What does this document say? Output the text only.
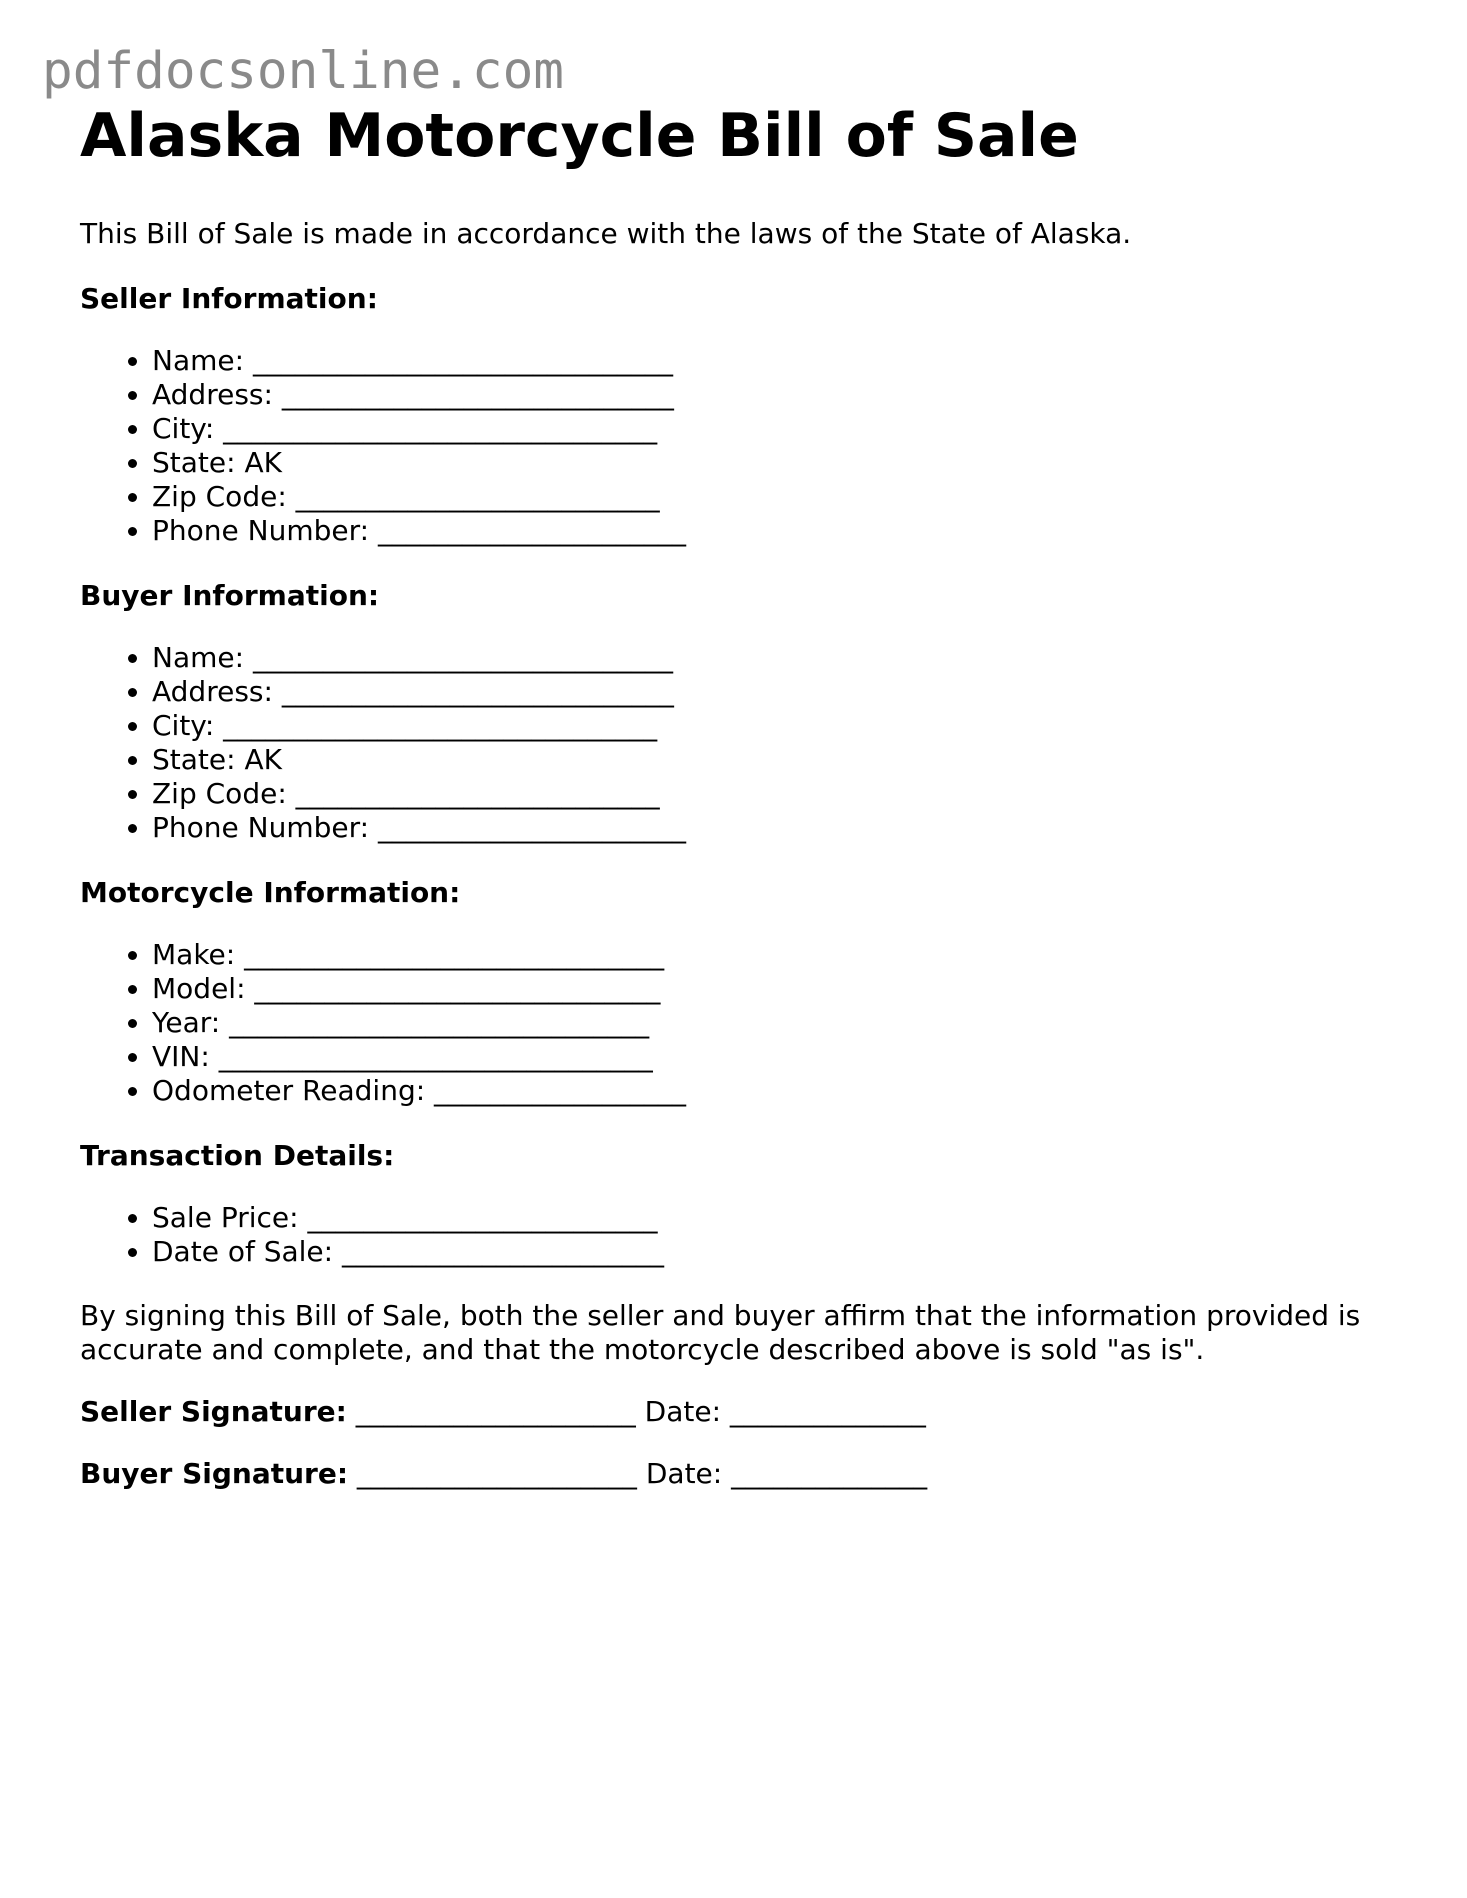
pdfdocsonline.com
Alaska Motorcycle Bill of Sale

This Bill of Sale is made in accordance with the laws of the State of Alaska.

Seller Information:
• Name: ______________________________
• Address: ____________________________
• City: _______________________________
• State: AK
• Zip Code: __________________________
• Phone Number: ______________________
Buyer Information:
• Name: ______________________________
• Address: ____________________________
• City: _______________________________
• State: AK
• Zip Code: __________________________
• Phone Number: ______________________
Motorcycle Information:
• Make: ______________________________
• Model: _____________________________
• Year: ______________________________
• VIN: _______________________________
• Odometer Reading: __________________
Transaction Details:
• Sale Price: _________________________
• Date of Sale: _______________________

By signing this Bill of Sale, both the seller and buyer affirm that the information provided is accurate and complete, and that the motorcycle described above is sold "as is".

Seller Signature: ____________________ Date: ______________
Buyer Signature: ____________________ Date: ______________
